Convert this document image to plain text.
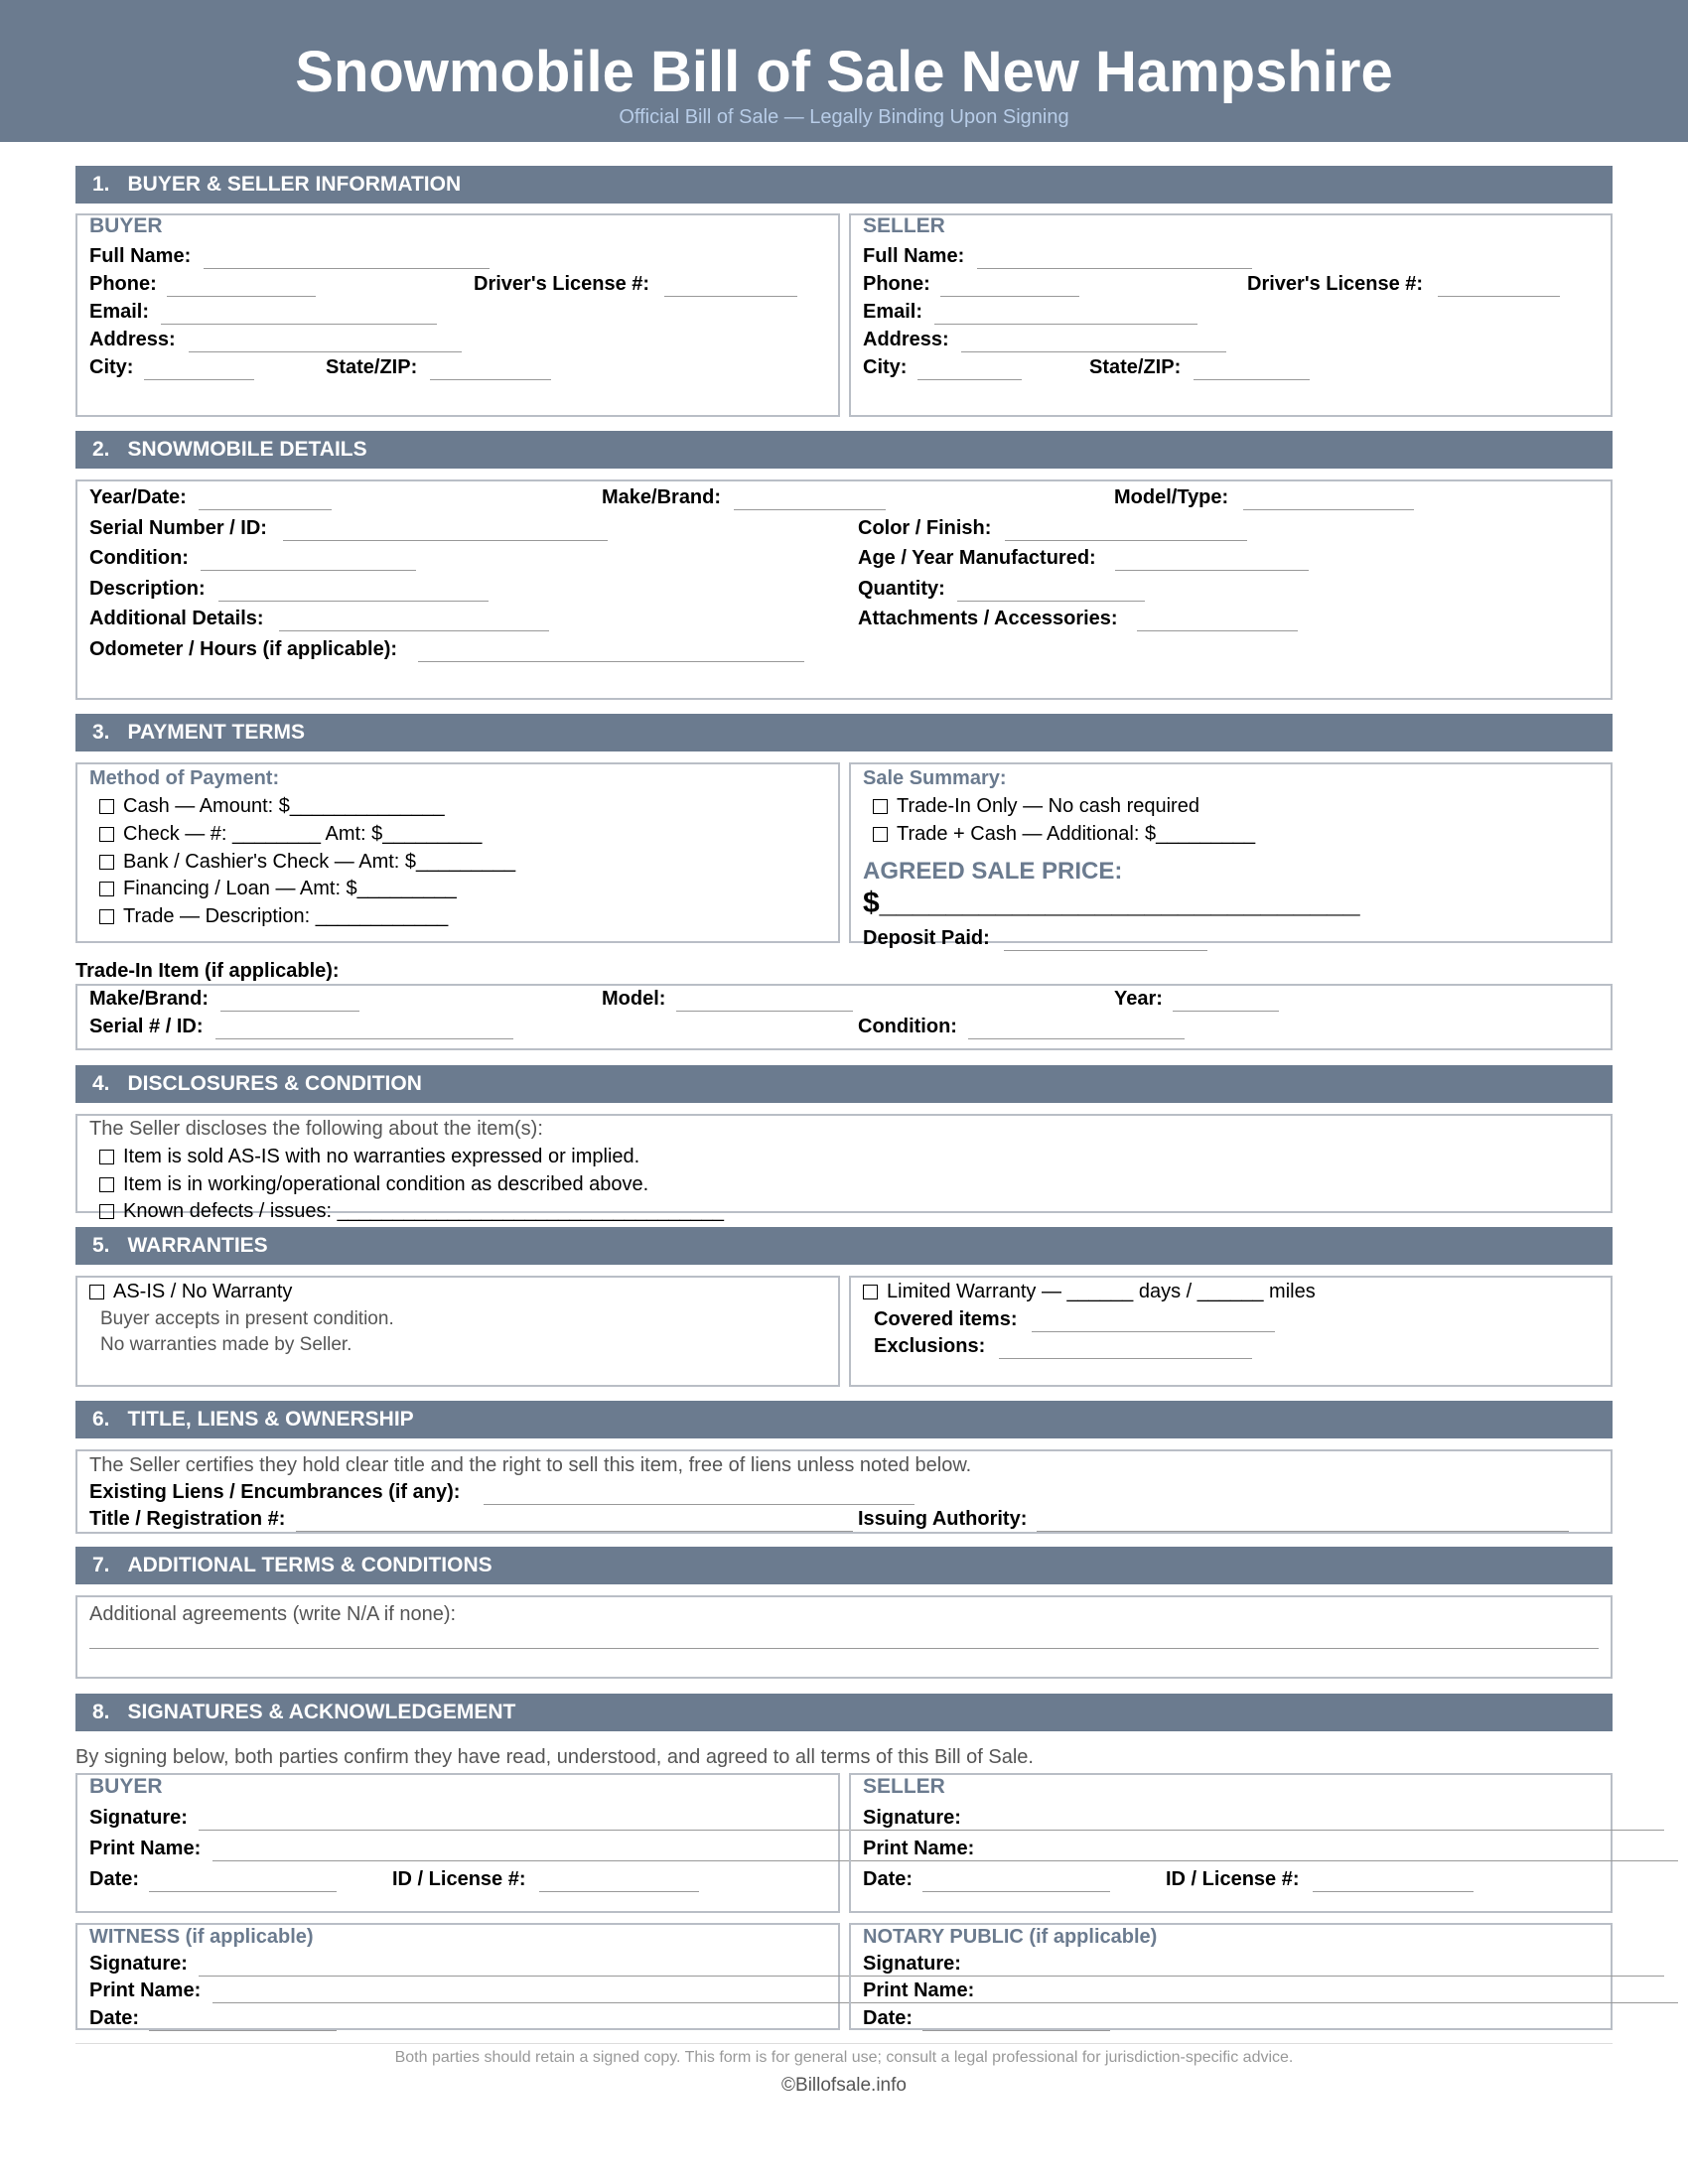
Snowmobile Bill of Sale New Hampshire
Official Bill of Sale — Legally Binding Upon Signing
1. BUYER & SELLER INFORMATION
BUYER
Full Name:
Phone:	Driver's License #:
Email:
Address:
City:	State/ZIP:
SELLER
Full Name:
Phone:	Driver's License #:
Email:
Address:
City:	State/ZIP:
2. SNOWMOBILE DETAILS
Year/Date:	Make/Brand:	Model/Type:
Serial Number / ID:	Color / Finish:
Condition:	Age / Year Manufactured:
Description:	Quantity:
Additional Details:	Attachments / Accessories:
Odometer / Hours (if applicable):
3. PAYMENT TERMS
Method of Payment:
Cash — Amount: $______________
Check — #: ________ Amt: $_________
Bank / Cashier's Check — Amt: $_________
Financing / Loan — Amt: $_________
Trade — Description: ____________
Sale Summary:
Trade-In Only — No cash required
Trade + Cash — Additional: $_________
AGREED SALE PRICE:
$_____________________________
Deposit Paid:
Trade-In Item (if applicable):
Make/Brand:	Model:	Year:
Serial # / ID:	Condition:
4. DISCLOSURES & CONDITION
The Seller discloses the following about the item(s):
Item is sold AS-IS with no warranties expressed or implied.
Item is in working/operational condition as described above.
Known defects / issues: ___________________________________
5. WARRANTIES
AS-IS / No Warranty
Buyer accepts in present condition.
No warranties made by Seller.
Limited Warranty — ______ days / ______ miles
Covered items:
Exclusions:
6. TITLE, LIENS & OWNERSHIP
The Seller certifies they hold clear title and the right to sell this item, free of liens unless noted below.
Existing Liens / Encumbrances (if any):
Title / Registration #:	Issuing Authority:
7. ADDITIONAL TERMS & CONDITIONS
Additional agreements (write N/A if none):
8. SIGNATURES & ACKNOWLEDGEMENT
By signing below, both parties confirm they have read, understood, and agreed to all terms of this Bill of Sale.
BUYER
Signature:
Print Name:
Date:	ID / License #:
SELLER
Signature:
Print Name:
Date:	ID / License #:
WITNESS (if applicable)
Signature:
Print Name:
Date:
NOTARY PUBLIC (if applicable)
Signature:
Print Name:
Date:
Both parties should retain a signed copy. This form is for general use; consult a legal professional for jurisdiction-specific advice.
©Billofsale.info
